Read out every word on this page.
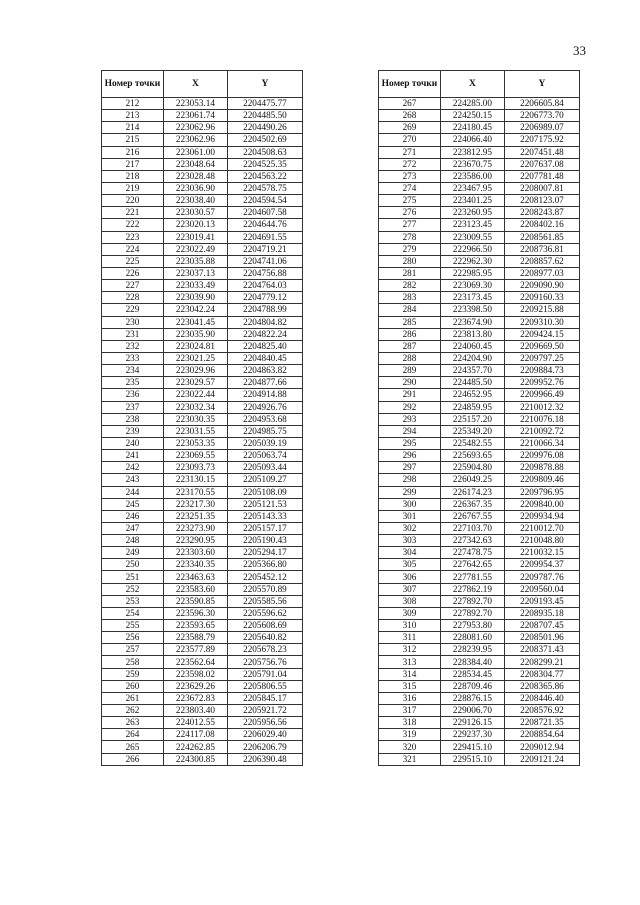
33
Номер точки	X	Y
212	223053.14	2204475.77
213	223061.74	2204485.50
214	223062.96	2204490.26
215	223062.96	2204502.69
216	223061.00	2204508.63
217	223048.64	2204525.35
218	223028.48	2204563.22
219	223036.90	2204578.75
220	223038.40	2204594.54
221	223030.57	2204607.58
222	223020.13	2204644.76
223	223019.41	2204691.55
224	223022.49	2204719.21
225	223035.88	2204741.06
226	223037.13	2204756.88
227	223033.49	2204764.03
228	223039.90	2204779.12
229	223042.24	2204788.99
230	223041.45	2204804.82
231	223035.90	2204822.24
232	223024.81	2204825.40
233	223021.25	2204840.45
234	223029.96	2204863.82
235	223029.57	2204877.66
236	223022.44	2204914.88
237	223032.34	2204926.76
238	223030.35	2204953.68
239	223031.55	2204985.75
240	223053.35	2205039.19
241	223069.55	2205063.74
242	223093.73	2205093.44
243	223130.15	2205109.27
244	223170.55	2205108.09
245	223217.30	2205121.53
246	223251.35	2205143.33
247	223273.90	2205157.17
248	223290.95	2205190.43
249	223303.60	2205294.17
250	223340.35	2205366.80
251	223463.63	2205452.12
252	223583.60	2205570.89
253	223590.85	2205585.56
254	223596.30	2205596.62
255	223593.65	2205608.69
256	223588.79	2205640.82
257	223577.89	2205678.23
258	223562.64	2205756.76
259	223598.02	2205791.04
260	223629.26	2205806.55
261	223672.83	2205845.17
262	223803.40	2205921.72
263	224012.55	2205956.56
264	224117.08	2206029.40
265	224262.85	2206206.79
266	224300.85	2206390.48
Номер точки	X	Y
267	224285.00	2206605.84
268	224250.15	2206773.70
269	224180.45	2206989.07
270	224066.40	2207175.92
271	223812.95	2207451.48
272	223670.75	2207637.08
273	223586.00	2207781.48
274	223467.95	2208007.81
275	223401.25	2208123.07
276	223260.95	2208243.87
277	223123.45	2208402.16
278	223009.55	2208561.85
279	222966.50	2208736.81
280	222962.30	2208857.62
281	222985.95	2208977.03
282	223069.30	2209090.90
283	223173.45	2209160.33
284	223398.50	2209215.88
285	223674.90	2209310.30
286	223813.80	2209424.15
287	224060.45	2209669.50
288	224204.90	2209797.25
289	224357.70	2209884.73
290	224485.50	2209952.76
291	224652.95	2209966.49
292	224859.95	2210012.32
293	225157.20	2210076.18
294	225349.20	2210092.72
295	225482.55	2210066.34
296	225693.65	2209976.08
297	225904.80	2209878.88
298	226049.25	2209809.46
299	226174.23	2209796.95
300	226367.35	2209840.00
301	226767.55	2209934.94
302	227103.70	2210012.70
303	227342.63	2210048.80
304	227478.75	2210032.15
305	227642.65	2209954.37
306	227781.55	2209787.76
307	227862.19	2209560.04
308	227892.70	2209193.45
309	227892.70	2208935.18
310	227953.80	2208707.45
311	228081.60	2208501.96
312	228239.95	2208371.43
313	228384.40	2208299.21
314	228534.45	2208304.77
315	228709.46	2208365.86
316	228876.15	2208446.40
317	229006.70	2208576.92
318	229126.15	2208721.35
319	229237.30	2208854.64
320	229415.10	2209012.94
321	229515.10	2209121.24
